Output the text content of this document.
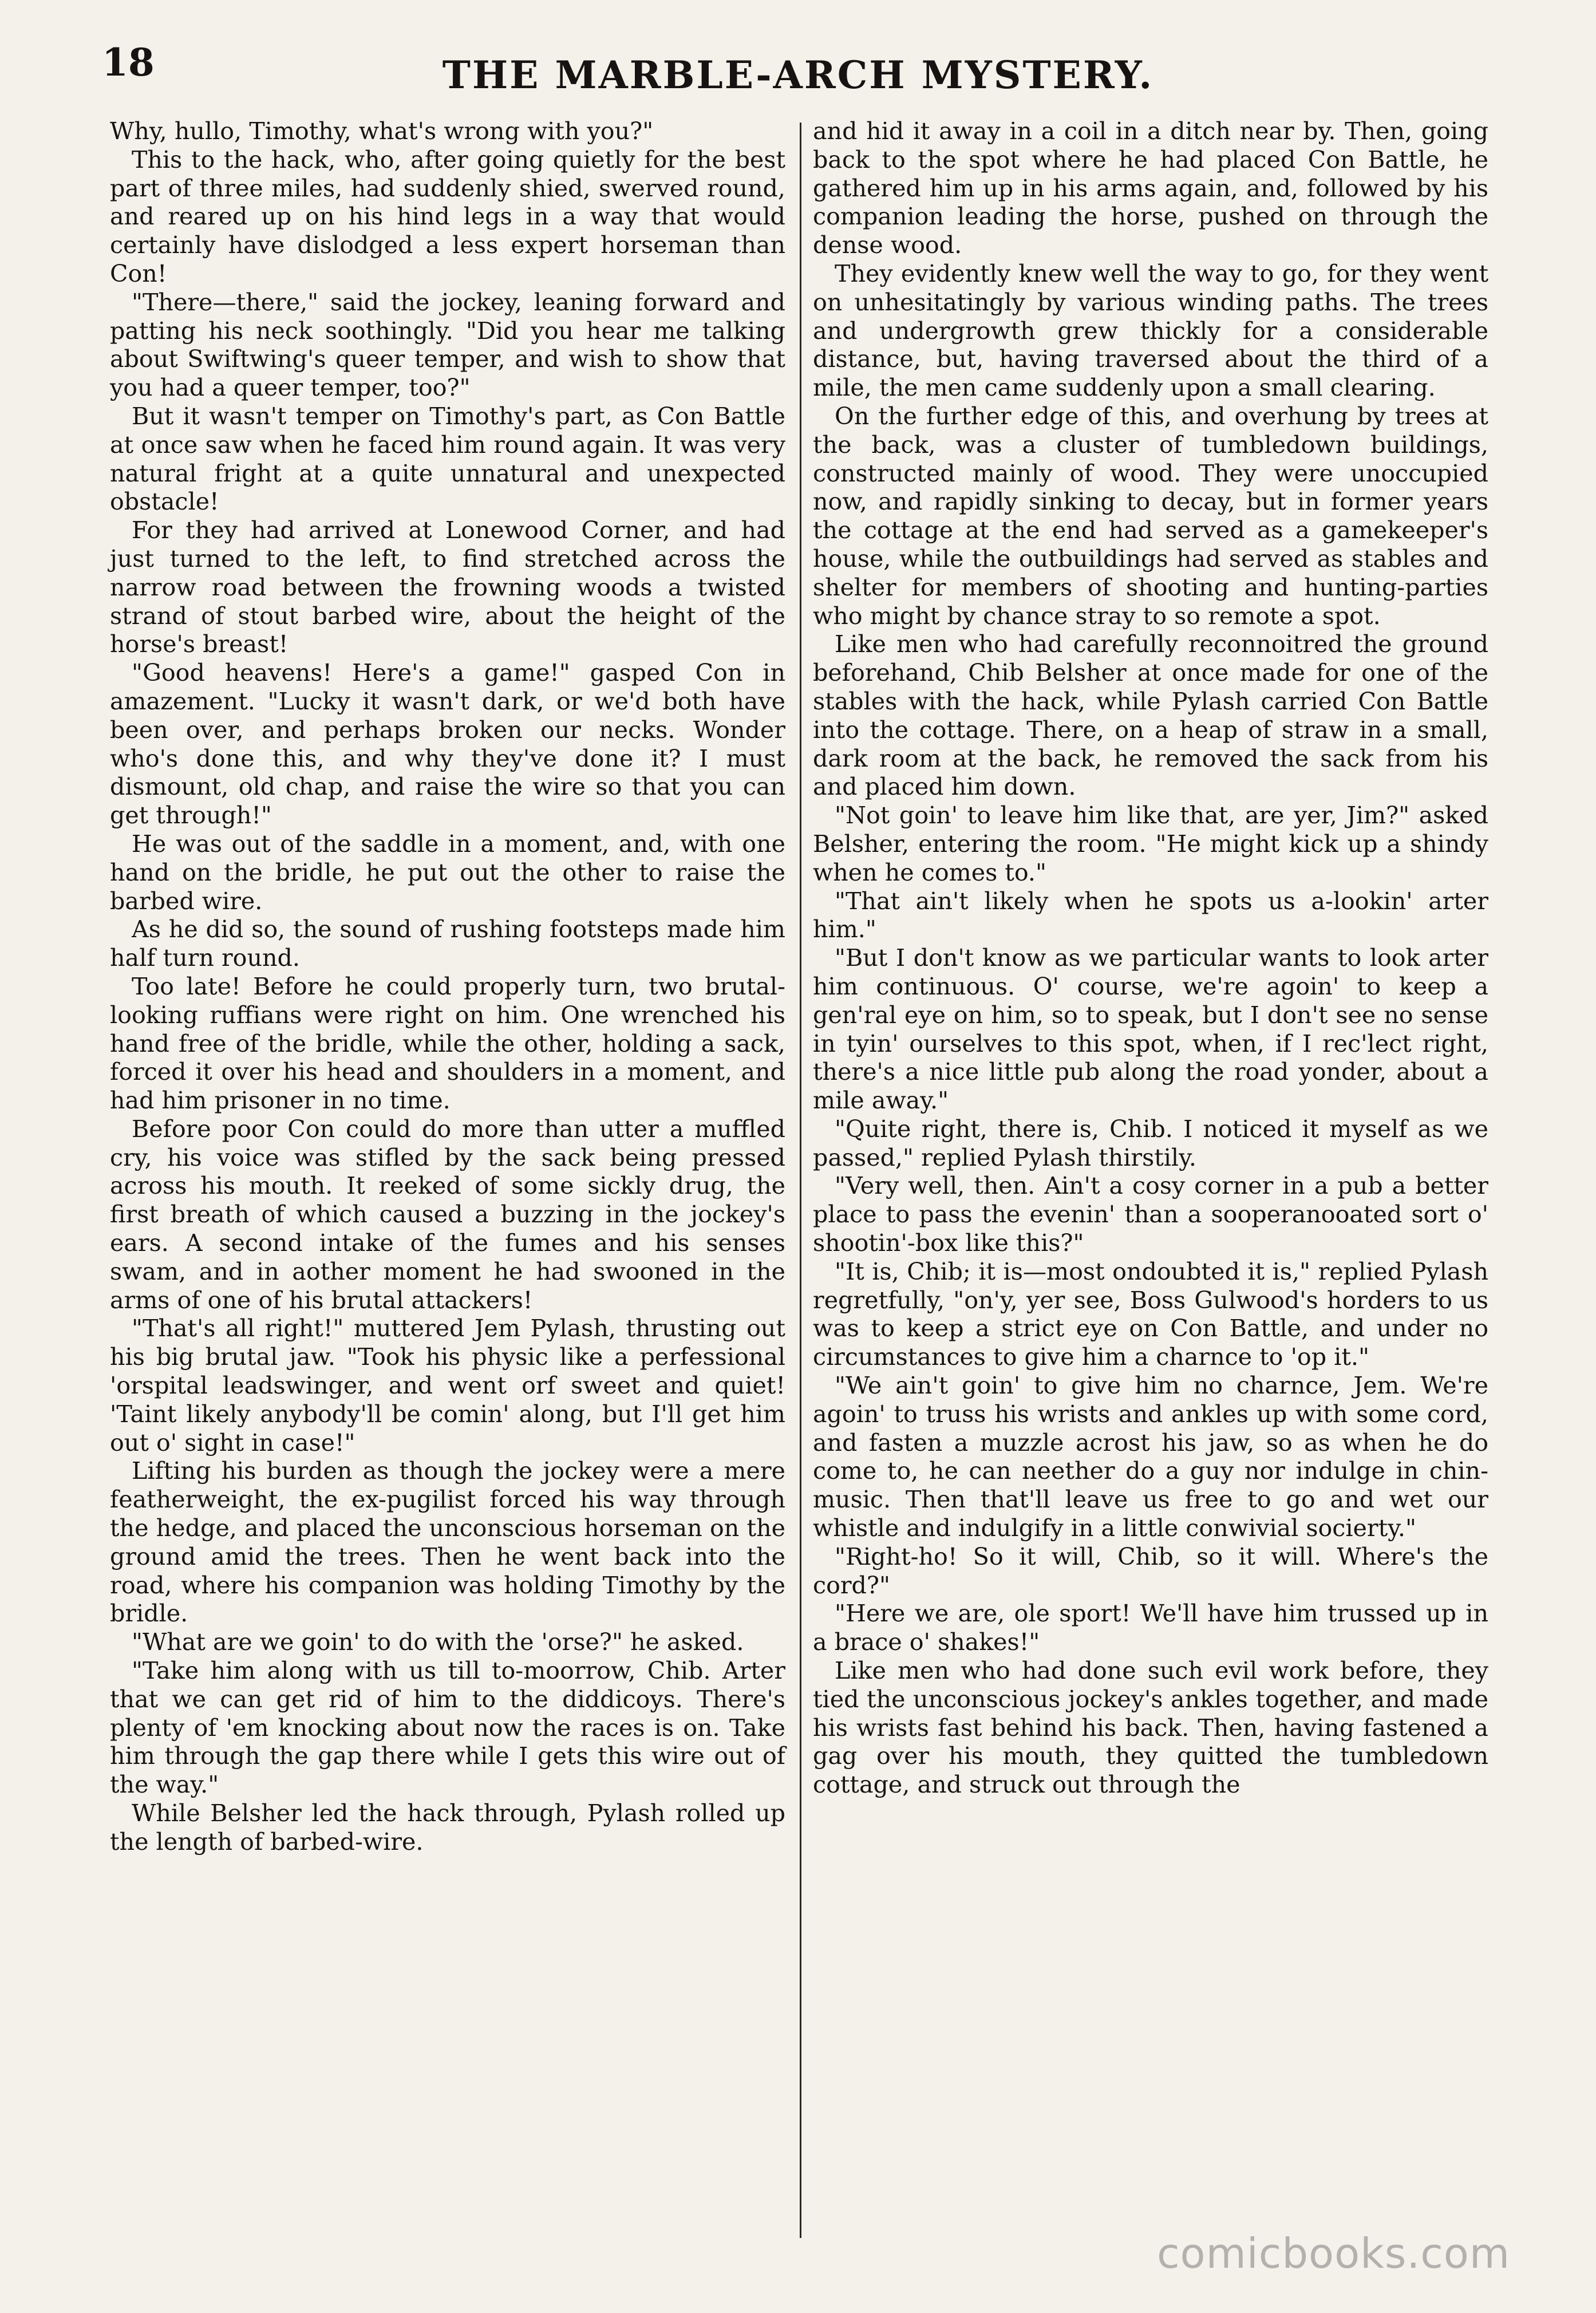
18	THE MARBLE-ARCH MYSTERY.

Why, hullo, Timothy, what's wrong with you?"

This to the hack, who, after going quietly for the best part of three miles, had suddenly shied, swerved round, and reared up on his hind legs in a way that would certainly have dislodged a less expert horseman than Con!

"There—there," said the jockey, leaning forward and patting his neck soothingly. "Did you hear me talking about Swiftwing's queer temper, and wish to show that you had a queer temper, too?"

But it wasn't temper on Timothy's part, as Con Battle at once saw when he faced him round again. It was very natural fright at a quite unnatural and unexpected obstacle!

For they had arrived at Lonewood Corner, and had just turned to the left, to find stretched across the narrow road between the frowning woods a twisted strand of stout barbed wire, about the height of the horse's breast!

"Good heavens! Here's a game!" gasped Con in amazement. "Lucky it wasn't dark, or we'd both have been over, and perhaps broken our necks. Wonder who's done this, and why they've done it? I must dismount, old chap, and raise the wire so that you can get through!"

He was out of the saddle in a moment, and, with one hand on the bridle, he put out the other to raise the barbed wire.

As he did so, the sound of rushing footsteps made him half turn round.

Too late! Before he could properly turn, two brutal-looking ruffians were right on him. One wrenched his hand free of the bridle, while the other, holding a sack, forced it over his head and shoulders in a moment, and had him prisoner in no time.

Before poor Con could do more than utter a muffled cry, his voice was stifled by the sack being pressed across his mouth. It reeked of some sickly drug, the first breath of which caused a buzzing in the jockey's ears. A second intake of the fumes and his senses swam, and in aother moment he had swooned in the arms of one of his brutal attackers!

"That's all right!" muttered Jem Pylash, thrusting out his big brutal jaw. "Took his physic like a perfessional 'orspital leadswinger, and went orf sweet and quiet! 'Taint likely anybody'll be comin' along, but I'll get him out o' sight in case!"

Lifting his burden as though the jockey were a mere featherweight, the ex-pugilist forced his way through the hedge, and placed the unconscious horseman on the ground amid the trees. Then he went back into the road, where his companion was holding Timothy by the bridle.

"What are we goin' to do with the 'orse?" he asked.

"Take him along with us till to-moorrow, Chib. Arter that we can get rid of him to the diddicoys. There's plenty of 'em knocking about now the races is on. Take him through the gap there while I gets this wire out of the way."

While Belsher led the hack through, Pylash rolled up the length of barbed-wire.

and hid it away in a coil in a ditch near by. Then, going back to the spot where he had placed Con Battle, he gathered him up in his arms again, and, followed by his companion leading the horse, pushed on through the dense wood.

They evidently knew well the way to go, for they went on unhesitatingly by various winding paths. The trees and undergrowth grew thickly for a considerable distance, but, having traversed about the third of a mile, the men came suddenly upon a small clearing.

On the further edge of this, and overhung by trees at the back, was a cluster of tumbledown buildings, constructed mainly of wood. They were unoccupied now, and rapidly sinking to decay, but in former years the cottage at the end had served as a gamekeeper's house, while the outbuildings had served as stables and shelter for members of shooting and hunting-parties who might by chance stray to so remote a spot.

Like men who had carefully reconnoitred the ground beforehand, Chib Belsher at once made for one of the stables with the hack, while Pylash carried Con Battle into the cottage. There, on a heap of straw in a small, dark room at the back, he removed the sack from his and placed him down.

"Not goin' to leave him like that, are yer, Jim?" asked Belsher, entering the room. "He might kick up a shindy when he comes to."

"That ain't likely when he spots us a-lookin' arter him."

"But I don't know as we particular wants to look arter him continuous. O' course, we're agoin' to keep a gen'ral eye on him, so to speak, but I don't see no sense in tyin' ourselves to this spot, when, if I rec'lect right, there's a nice little pub along the road yonder, about a mile away."

"Quite right, there is, Chib. I noticed it myself as we passed," replied Pylash thirstily.

"Very well, then. Ain't a cosy corner in a pub a better place to pass the evenin' than a sooperanooated sort o' shootin'-box like this?"

"It is, Chib; it is—most ondoubted it is," replied Pylash regretfully, "on'y, yer see, Boss Gulwood's horders to us was to keep a strict eye on Con Battle, and under no circumstances to give him a charnce to 'op it."

"We ain't goin' to give him no charnce, Jem. We're agoin' to truss his wrists and ankles up with some cord, and fasten a muzzle acrost his jaw, so as when he do come to, he can neether do a guy nor indulge in chin-music. Then that'll leave us free to go and wet our whistle and indulgify in a little conwivial socierty."

"Right-ho! So it will, Chib, so it will. Where's the cord?"

"Here we are, ole sport! We'll have him trussed up in a brace o' shakes!"

Like men who had done such evil work before, they tied the unconscious jockey's ankles together, and made his wrists fast behind his back. Then, having fastened a gag over his mouth, they quitted the tumbledown cottage, and struck out through the

comicbooks.com
